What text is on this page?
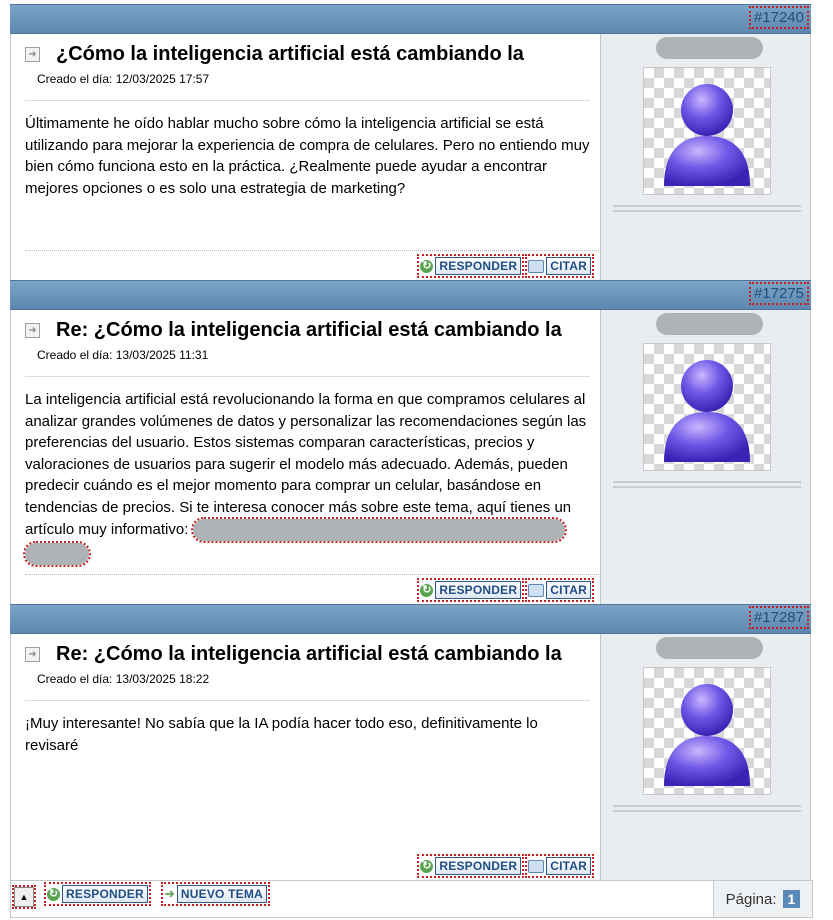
#17240
➜ ¿Cómo la inteligencia artificial está cambiando la
Creado el día: 12/03/2025 17:57
Últimamente he oído hablar mucho sobre cómo la inteligencia artificial se está utilizando para mejorar la experiencia de compra de celulares. Pero no entiendo muy bien cómo funciona esto en la práctica. ¿Realmente puede ayudar a encontrar mejores opciones o es solo una estrategia de marketing?
↻ RESPONDER	CITAR
#17275
➜ Re: ¿Cómo la inteligencia artificial está cambiando la
Creado el día: 13/03/2025 11:31
La inteligencia artificial está revolucionando la forma en que compramos celulares al analizar grandes volúmenes de datos y personalizar las recomendaciones según las preferencias del usuario. Estos sistemas comparan características, precios y valoraciones de usuarios para sugerir el modelo más adecuado. Además, pueden predecir cuándo es el mejor momento para comprar un celular, basándose en tendencias de precios. Si te interesa conocer más sobre este tema, aquí tienes un artículo muy informativo:

↻ RESPONDER	CITAR
#17287
➜ Re: ¿Cómo la inteligencia artificial está cambiando la
Creado el día: 13/03/2025 18:22
¡Muy interesante! No sabía que la IA podía hacer todo eso, definitivamente lo revisaré
↻ RESPONDER	CITAR
▲	↻ RESPONDER	➜ NUEVO TEMA	Página: 1
